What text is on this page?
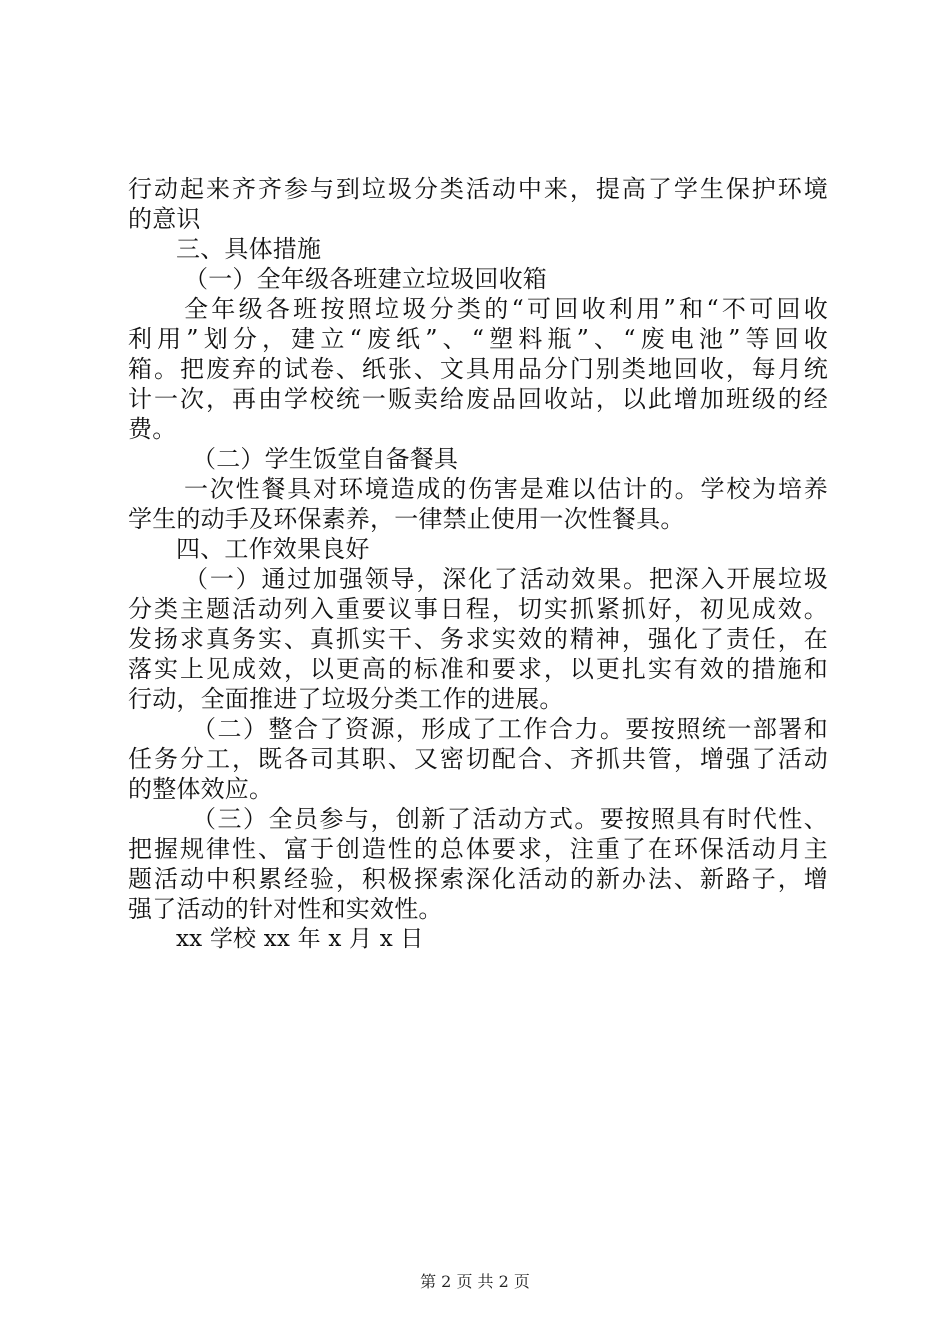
行动起来齐齐参与到垃圾分类活动中来，提高了学生保护环境
的意识
三、具体措施
（一）全年级各班建立垃圾回收箱
全年级各班按照垃圾分类的“可回收利用”和“不可回收
利用”划分，建立“废纸”、“塑料瓶”、“废电池”等回收
箱。把废弃的试卷、纸张、文具用品分门别类地回收，每月统
计一次，再由学校统一贩卖给废品回收站，以此增加班级的经
费。
（二）学生饭堂自备餐具
一次性餐具对环境造成的伤害是难以估计的。学校为培养
学生的动手及环保素养，一律禁止使用一次性餐具。
四、工作效果良好
（一）通过加强领导，深化了活动效果。把深入开展垃圾
分类主题活动列入重要议事日程，切实抓紧抓好，初见成效。
发扬求真务实、真抓实干、务求实效的精神，强化了责任，在
落实上见成效，以更高的标准和要求，以更扎实有效的措施和
行动，全面推进了垃圾分类工作的进展。
（二）整合了资源，形成了工作合力。要按照统一部署和
任务分工，既各司其职、又密切配合、齐抓共管，增强了活动
的整体效应。
（三）全员参与，创新了活动方式。要按照具有时代性、
把握规律性、富于创造性的总体要求，注重了在环保活动月主
题活动中积累经验，积极探索深化活动的新办法、新路子，增
强了活动的针对性和实效性。
xx 学校 xx 年 x 月 x 日
第 2 页 共 2 页
